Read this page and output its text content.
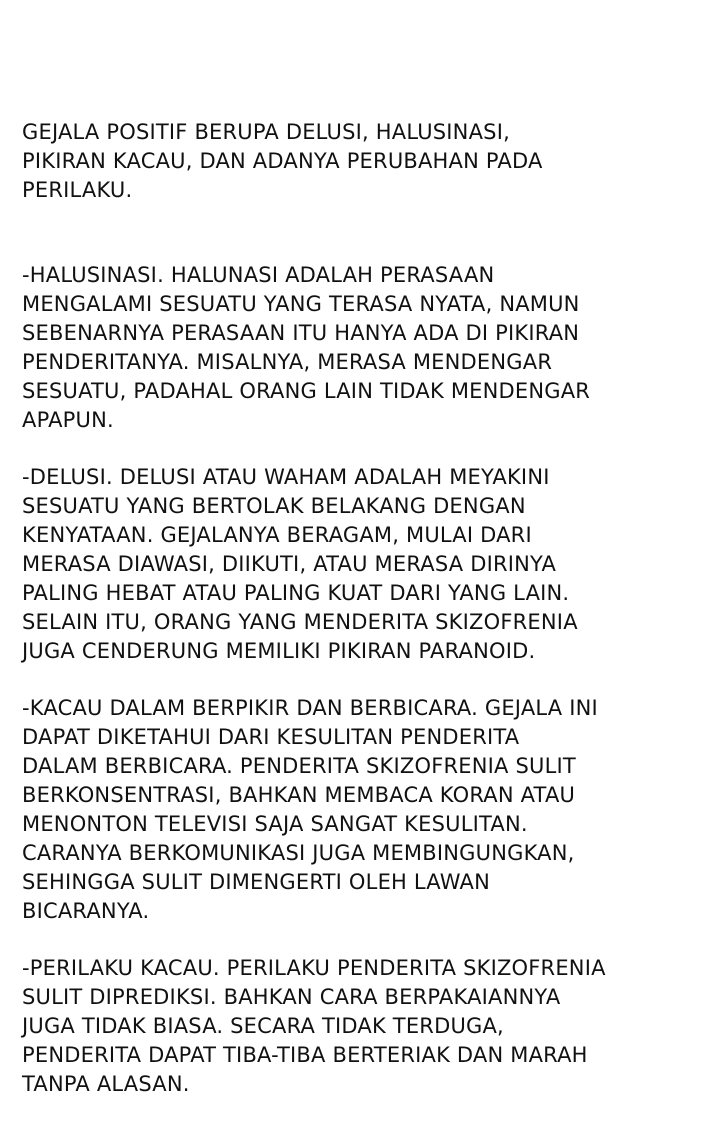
GEJALA POSITIF BERUPA DELUSI, HALUSINASI,
PIKIRAN KACAU, DAN ADANYA PERUBAHAN PADA
PERILAKU.

-HALUSINASI. HALUNASI ADALAH PERASAAN
MENGALAMI SESUATU YANG TERASA NYATA, NAMUN
SEBENARNYA PERASAAN ITU HANYA ADA DI PIKIRAN
PENDERITANYA. MISALNYA, MERASA MENDENGAR
SESUATU, PADAHAL ORANG LAIN TIDAK MENDENGAR
APAPUN.

-DELUSI. DELUSI ATAU WAHAM ADALAH MEYAKINI
SESUATU YANG BERTOLAK BELAKANG DENGAN
KENYATAAN. GEJALANYA BERAGAM, MULAI DARI
MERASA DIAWASI, DIIKUTI, ATAU MERASA DIRINYA
PALING HEBAT ATAU PALING KUAT DARI YANG LAIN.
SELAIN ITU, ORANG YANG MENDERITA SKIZOFRENIA
JUGA CENDERUNG MEMILIKI PIKIRAN PARANOID.

-KACAU DALAM BERPIKIR DAN BERBICARA. GEJALA INI
DAPAT DIKETAHUI DARI KESULITAN PENDERITA
DALAM BERBICARA. PENDERITA SKIZOFRENIA SULIT
BERKONSENTRASI, BAHKAN MEMBACA KORAN ATAU
MENONTON TELEVISI SAJA SANGAT KESULITAN.
CARANYA BERKOMUNIKASI JUGA MEMBINGUNGKAN,
SEHINGGA SULIT DIMENGERTI OLEH LAWAN
BICARANYA.

-PERILAKU KACAU. PERILAKU PENDERITA SKIZOFRENIA
SULIT DIPREDIKSI. BAHKAN CARA BERPAKAIANNYA
JUGA TIDAK BIASA. SECARA TIDAK TERDUGA,
PENDERITA DAPAT TIBA-TIBA BERTERIAK DAN MARAH
TANPA ALASAN.
